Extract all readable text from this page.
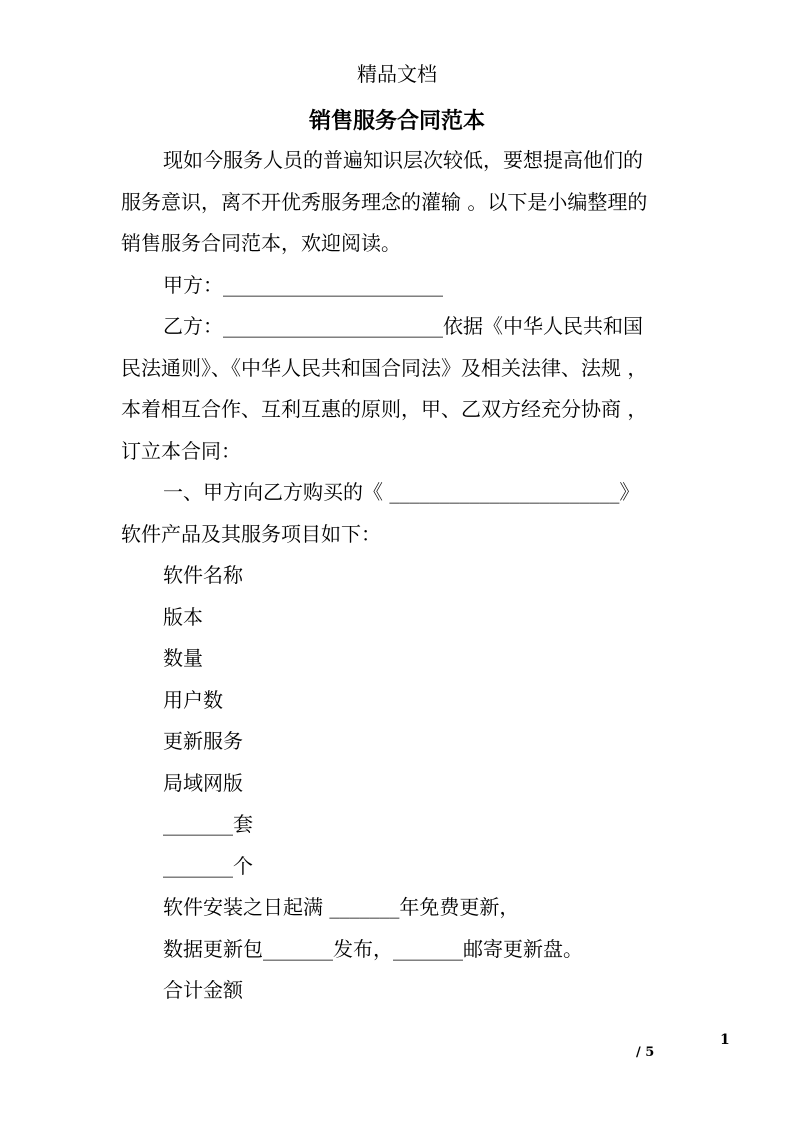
精品文档
销售服务合同范本
现如今服务人员的普遍知识层次较低，要想提高他们的
服务意识，离不开优秀服务理念的灌输 。以下是小编整理的
销售服务合同范本，欢迎阅读。
甲方：______________________
乙方：______________________依据《中华人民共和国
民法通则》、《中华人民共和国合同法》及相关法律、法规 ，
本着相互合作、互利互惠的原则，甲、乙双方经充分协商 ，
订立本合同：
一、甲方向乙方购买的《 _______________________》
软件产品及其服务项目如下：
软件名称
版本
数量
用户数
更新服务
局域网版
_______套
_______个
软件安装之日起满 _______年免费更新，
数据更新包_______发布，_______邮寄更新盘。
合计金额
1
/ 5
